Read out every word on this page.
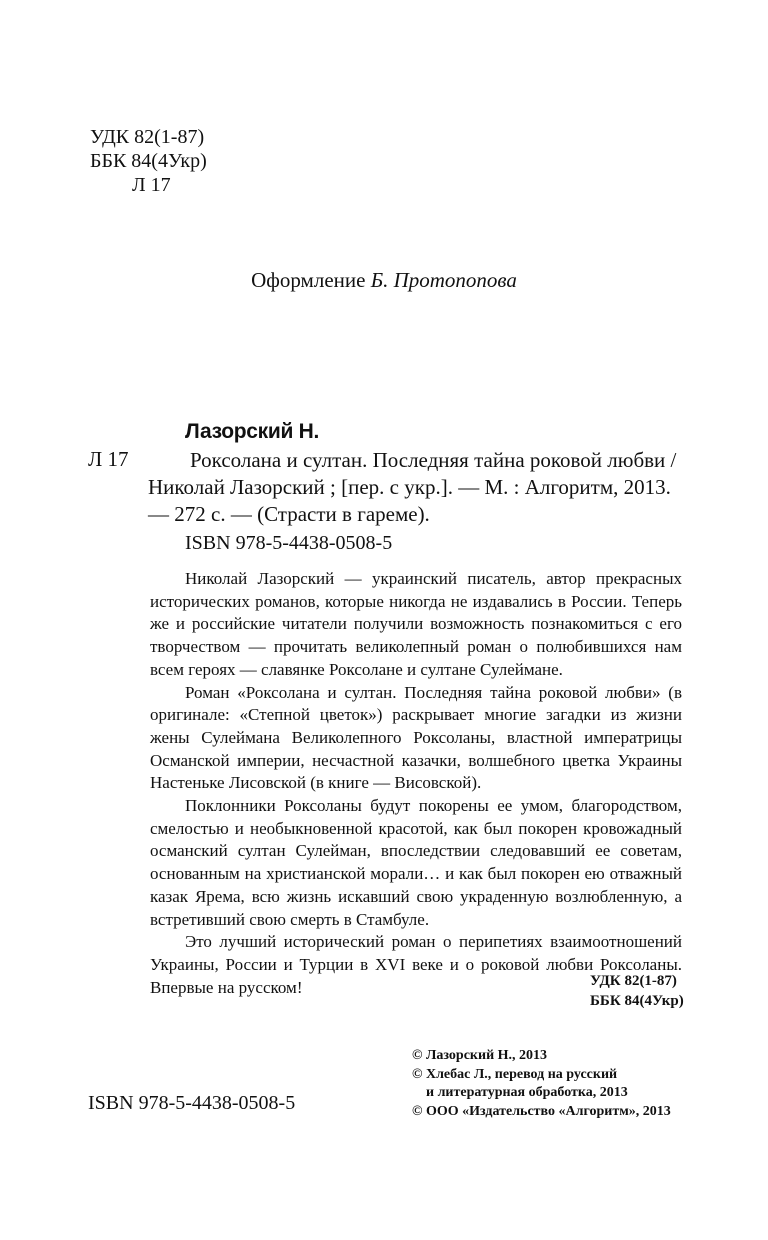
УДК 82(1-87)
ББК 84(4Укр)
Л 17
Оформление Б. Протопопова
Лазорский Н.
Л 17	Роксолана и султан. Последняя тайна роковой любви / Николай Лазорский ; [пер. с укр.]. — М. : Алгоритм, 2013. — 272 с. — (Страсти в гареме).

ISBN 978-5-4438-0508-5

Николай Лазорский — украинский писатель, автор прекрасных исторических романов, которые никогда не издавались в России. Теперь же и российские читатели получили возможность познакомиться с его творчеством — прочитать великолепный роман о полюбившихся нам всем героях — славянке Роксолане и султане Сулеймане.

Роман «Роксолана и султан. Последняя тайна роковой любви» (в оригинале: «Степной цветок») раскрывает многие загадки из жизни жены Сулеймана Великолепного Роксоланы, властной императрицы Османской империи, несчастной казачки, волшебного цветка Украины Настеньке Лисовской (в книге — Висовской).

Поклонники Роксоланы будут покорены ее умом, благородством, смелостью и необыкновенной красотой, как был покорен кровожадный османский султан Сулейман, впоследствии следовавший ее советам, основанным на христианской морали… и как был покорен ею отважный казак Ярема, всю жизнь искавший свою украденную возлюбленную, а встретивший свою смерть в Стамбуле.

Это лучший исторический роман о перипетиях взаимоотношений Украины, России и Турции в XVI веке и о роковой любви Роксоланы. Впервые на русском!	УДК 82(1-87)
ББК 84(4Укр)
© Лазорский Н., 2013
© Хлебас Л., перевод на русский
и литературная обработка, 2013
© ООО «Издательство «Алгоритм», 2013
ISBN 978-5-4438-0508-5
